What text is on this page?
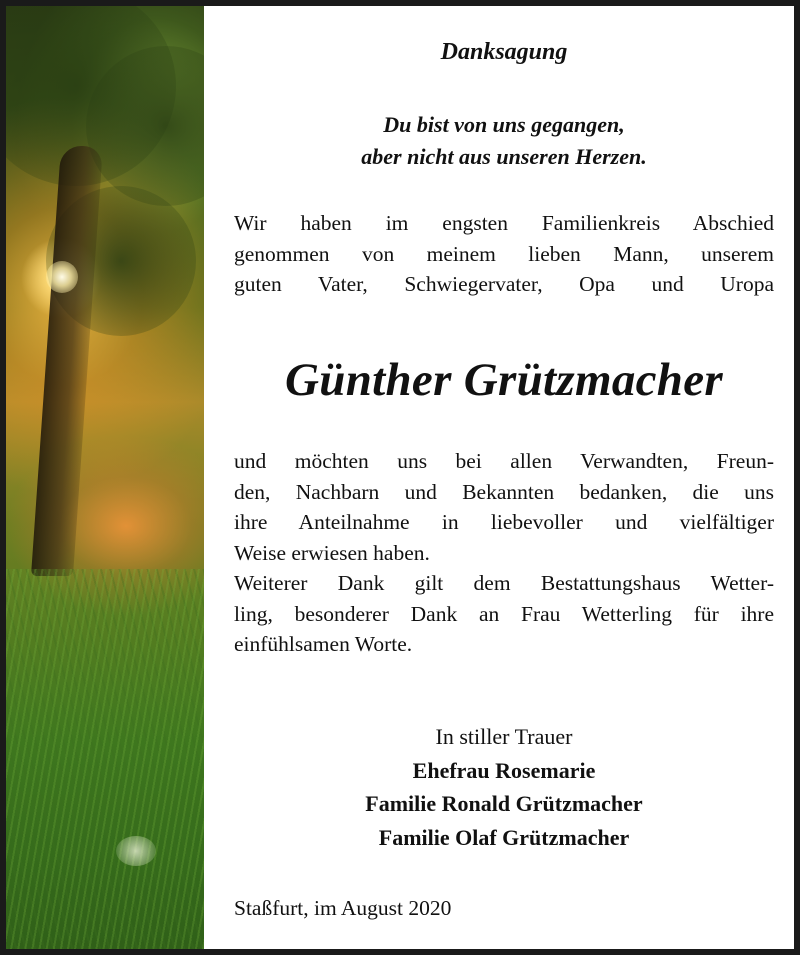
Danksagung

Du bist von uns gegangen,
aber nicht aus unseren Herzen.

Wir haben im engsten Familienkreis Abschied
genommen von meinem lieben Mann, unserem
guten Vater, Schwiegervater, Opa und Uropa

Günther Grützmacher

und möchten uns bei allen Verwandten, Freun-
den, Nachbarn und Bekannten bedanken, die uns
ihre Anteilnahme in liebevoller und vielfältiger
Weise erwiesen haben.
Weiterer Dank gilt dem Bestattungshaus Wetter-
ling, besonderer Dank an Frau Wetterling für ihre
einfühlsamen Worte.

In stiller Trauer
Ehefrau Rosemarie
Familie Ronald Grützmacher
Familie Olaf Grützmacher

Staßfurt, im August 2020
